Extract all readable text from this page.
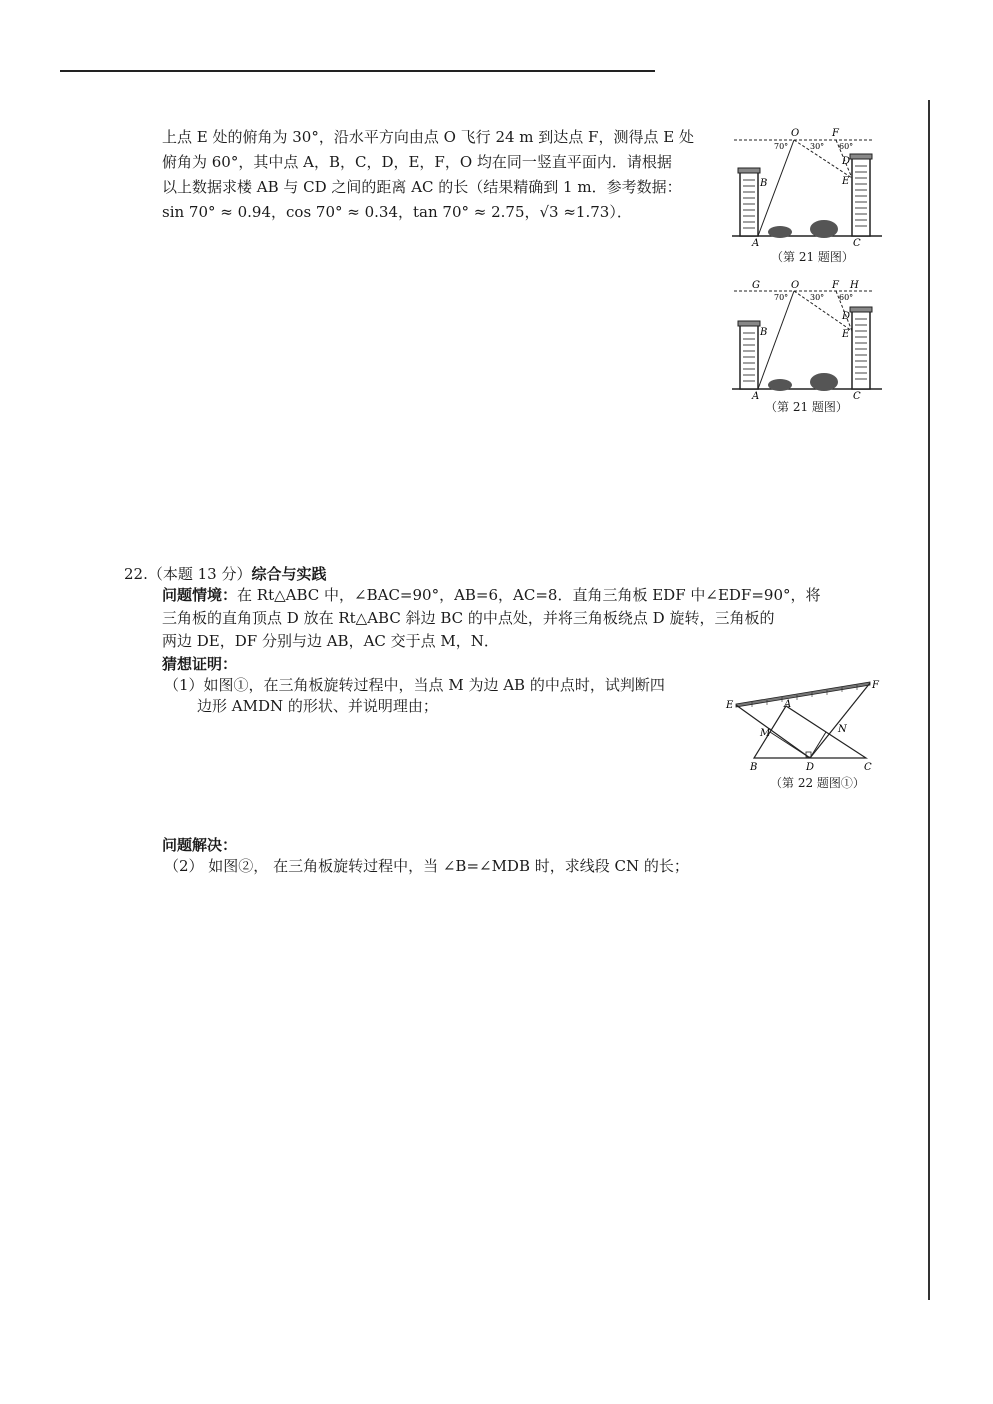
上点 E 处的俯角为 30°，沿水平方向由点 O 飞行 24 m 到达点 F，测得点 E 处
俯角为 60°，其中点 A，B，C，D，E，F，O 均在同一竖直平面内．请根据
以上数据求楼 AB 与 CD 之间的距离 AC 的长（结果精确到 1 m．参考数据：
sin 70° ≈ 0.94，cos 70° ≈ 0.34，tan 70° ≈ 2.75，√3 ≈1.73）．
O	F
70°	30° 60°
B
D
E
A	C
（第 21 题图）
G	O	F H
70°	30° 60°
B
D
E
A	C
（第 21 题图）
22.（本题 13 分）综合与实践
问题情境：在 Rt△ABC 中，∠BAC=90°，AB=6，AC=8．直角三角板 EDF 中∠EDF=90°，将
三角板的直角顶点 D 放在 Rt△ABC 斜边 BC 的中点处，并将三角板绕点 D 旋转，三角板的
两边 DE，DF 分别与边 AB，AC 交于点 M，N．
猜想证明：
（1）如图①，在三角板旋转过程中，当点 M 为边 AB 的中点时，试判断四
边形 AMDN 的形状、并说明理由；	E
F
A
M	N
B	D	C
（第 22 题图①）
问题解决：
（2） 如图②， 在三角板旋转过程中，当 ∠B=∠MDB 时，求线段 CN 的长；
